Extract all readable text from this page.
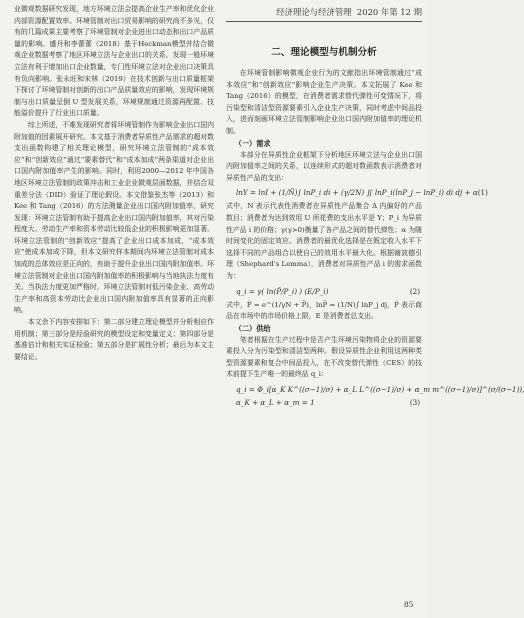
经济理论与经济管理 2020 年第 12 期

业微观数据研究发现，地方环境立法会提高企业生产率和优化企业内部资源配置效率。环境管制对出口贸易影响的研究尚不多见，仅有的几篇成果主要考察了环境管制对企业进出口动态和出口产品质量的影响。盛丹和李蕾蕾（2018）基于Heckman模型并结合微观企业数据考察了地区环境立法与企业出口的关系，发现一般环境立法有利于增加出口企业数量，专门性环境立法对企业出口决策具有负向影响。张永旺和宋林（2019）在技术创新与出口质量框架下探讨了环境管制对创新的出口产品质量效应的影响，发现环境规制与出口质量呈倒 U 型发展关系，环境规制通过资源再配置、技能溢价提升了行业出口质量。

综上所述，不难发现研究者将环境管制作为影响企业出口国内附加值的因素展开研究。本文基于消费者异质性产品需求的超对数支出函数构建了相关理论模型，研究环境立法管制的“成本效应”和“创新效应”通过“要素替代”和“成本加成”两条渠道对企业出口国内附加值率产生的影响。同时，利用2000—2012 年中国各地区环境立法管制的政策冲击和工业企业微观层面数据，并结合双重差分法（DID）验证了理论假设。本文借鉴张杰等（2013）和 Kee 和 Tang（2016）的方法测量企业出口国内附加值率，研究发现：环境立法管制有助于提高企业出口国内附加值率，其对污染程度大、劳动生产率和资本劳动比较低企业的积极影响更加显著。环境立法管制的“创新效应”提高了企业出口成本加成，“成本效应”使成本加成下降，但本文研究样本期间内环境立法管制对成本加成的总体效应是正向的，有助于提升企业出口国内附加值率。环境立法管制对企业出口国内附加值率的积极影响与当地执法力度有关。当执法力度更加严格时，环境立法管制对低污染企业、高劳动生产率和高资本劳动比企业出口国内附加值率具有显著的正向影响。

本文余下内容安排如下：第二部分建立理论模型并分析相应作用机制；第三部分是经验研究的模型设定和变量定义；第四部分是基准估计和相关实证检验；第五部分是扩展性分析；最后为本文主要结论。

二、理论模型与机制分析

在环境管制影响微观企业行为的文献指出环境管制通过“成本效应”和“创新效应”影响企业生产决策。本文拓展了 Kee 和 Tang（2016）的模型，在消费者需求替代弹性可变情况下，将污染型和清洁型资源要素引入企业生产决策，同时考虑中间品投入，进而刻画环境立法管制影响企业出口国内附加值率的理论机制。

（一）需求

本部分在异质性企业框架下分析地区环境立法与企业出口国内附加值率之间的关系，以连续形式的超对数函数表示消费者对异质性产品的支出：

lnY = lnI + (1/Ñ)∫ lnP_i di + (γ/2N) ∬ lnP_i(lnP_j − lnP_i) di dj + α (1)

式中，N 表示代表性消费者在异质性产品集合 Δ 内偏好的产品数目；消费者为达到效用 U 所花费的支出水平是 Y；P_i 为异质性产品 i 的价格；γ(γ>0)衡量了各产品之间的替代弹性；α 为随时间变化的固定效应。消费者的最优化选择是在既定收入水平下选择不同的产品组合以使自己的效用水平最大化。根据谢波德引理（Shephard's Lemma），消费者对异质性产品 i 的需求函数为：

q_i = γ( ln(P̂/P_i) ) (E/P_i)	(2)

式中，P̂ = e^(1/γN + P̄)，lnP̄ = (1/N)∫ lnP_j dj，P̂ 表示商品在市场中的市场价格上限，E 是消费者总支出。

（二）供给

笔者根据在生产过程中是否产生环境污染物将企业的资源要素投入分为污染型和清洁型两种。假设异质性企业利用这两种类型资源要素和复合中间品投入，在不改变替代弹性（CES）的技术前提下生产唯一的最终品 q_i：

q_i = Φ_i[α_K K^((σ−1)/σ) + α_L L^((σ−1)/σ) + α_m m^((σ−1)/σ)]^(σ/(σ−1)),
α_K + α_L + α_m = 1	(3)
85
